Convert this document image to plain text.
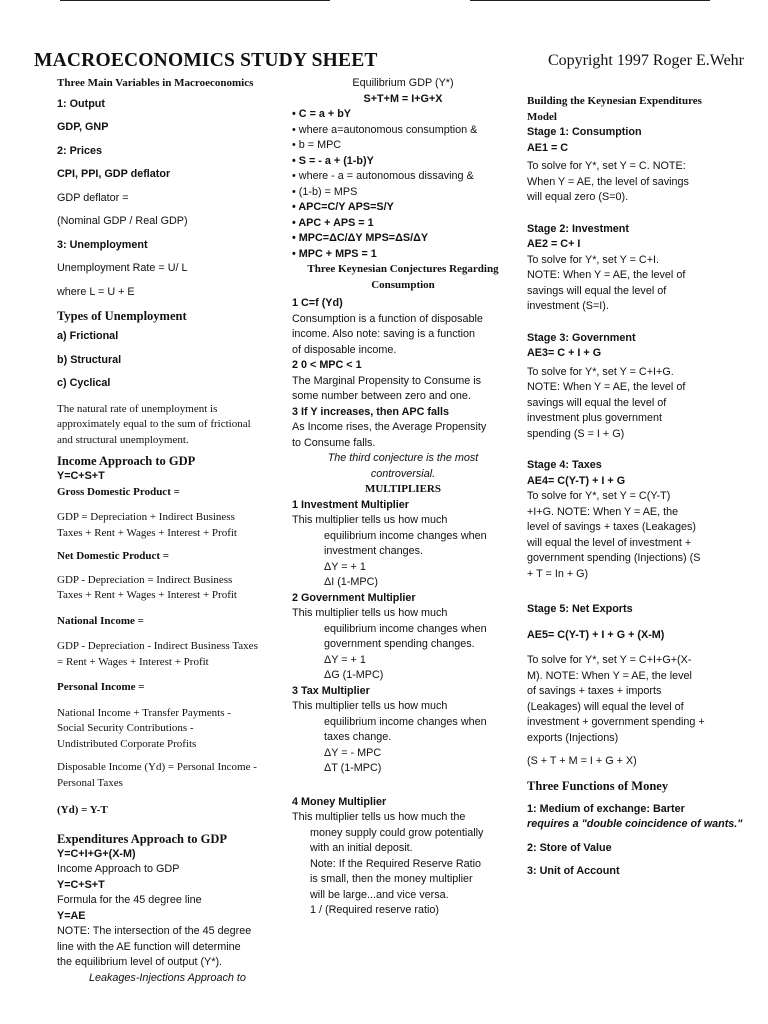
MACROECONOMICS STUDY SHEET	Copyright 1997 Roger E.Wehr
Three Main Variables in Macroeconomics
1: Output
GDP, GNP
2: Prices
CPI, PPI, GDP deflator
GDP deflator =
(Nominal GDP / Real GDP)
3: Unemployment
Unemployment Rate = U/ L
where L = U + E
Types of Unemployment
a) Frictional
b) Structural
c) Cyclical
The natural rate of unemployment is
approximately equal to the sum of frictional
and structural unemployment.
Income Approach to GDP
Y=C+S+T
Gross Domestic Product =
GDP = Depreciation + Indirect Business
Taxes + Rent + Wages + Interest + Profit
Net Domestic Product =
GDP - Depreciation = Indirect Business
Taxes + Rent + Wages + Interest + Profit
National Income =
GDP - Depreciation - Indirect Business Taxes
= Rent + Wages + Interest + Profit
Personal Income =
National Income + Transfer Payments -
Social Security Contributions -
Undistributed Corporate Profits
Disposable Income (Yd) = Personal Income -
Personal Taxes
(Yd) = Y-T
Expenditures Approach to GDP
Y=C+I+G+(X-M)
Income Approach to GDP
Y=C+S+T
Formula for the 45 degree line
Y=AE
NOTE: The intersection of the 45 degree
line with the AE function will determine
the equilibrium level of output (Y*).
Leakages-Injections Approach to
Equilibrium GDP (Y*)
S+T+M = I+G+X
• C = a + bY
• where a=autonomous consumption &
• b = MPC
• S = - a + (1-b)Y
• where - a = autonomous dissaving &
• (1-b) = MPS
• APC=C/Y APS=S/Y
• APC + APS = 1
• MPC=ΔC/ΔY MPS=ΔS/ΔY
• MPC + MPS = 1
Three Keynesian Conjectures Regarding
Consumption
1 C=f (Yd)
Consumption is a function of disposable
income. Also note: saving is a function
of disposable income.
2 0 < MPC < 1
The Marginal Propensity to Consume is
some number between zero and one.
3 If Y increases, then APC falls
As Income rises, the Average Propensity
to Consume falls.
The third conjecture is the most
controversial.
MULTIPLIERS
1 Investment Multiplier
This multiplier tells us how much
equilibrium income changes when
investment changes.
ΔY = + 1
ΔI (1-MPC)
2 Government Multiplier
This multiplier tells us how much
equilibrium income changes when
government spending changes.
ΔY = + 1
ΔG (1-MPC)
3 Tax Multiplier
This multiplier tells us how much
equilibrium income changes when
taxes change.
ΔY = - MPC
ΔT (1-MPC)
4 Money Multiplier
This multiplier tells us how much the
money supply could grow potentially
with an initial deposit.
Note: If the Required Reserve Ratio
is small, then the money multiplier
will be large...and vice versa.
1 / (Required reserve ratio)
Building the Keynesian Expenditures
Model
Stage 1: Consumption
AE1 = C
To solve for Y*, set Y = C. NOTE:
When Y = AE, the level of savings
will equal zero (S=0).
Stage 2: Investment
AE2 = C+ I
To solve for Y*, set Y = C+I.
NOTE: When Y = AE, the level of
savings will equal the level of
investment (S=I).
Stage 3: Government
AE3= C + I + G
To solve for Y*, set Y = C+I+G.
NOTE: When Y = AE, the level of
savings will equal the level of
investment plus government
spending (S = I + G)
Stage 4: Taxes
AE4= C(Y-T) + I + G
To solve for Y*, set Y = C(Y-T)
+I+G. NOTE: When Y = AE, the
level of savings + taxes (Leakages)
will equal the level of investment +
government spending (Injections) (S
+ T = In + G)
Stage 5: Net Exports
AE5= C(Y-T) + I + G + (X-M)
To solve for Y*, set Y = C+I+G+(X-
M). NOTE: When Y = AE, the level
of savings + taxes + imports
(Leakages) will equal the level of
investment + government spending +
exports (Injections)
(S + T + M = I + G + X)
Three Functions of Money
1: Medium of exchange: Barter
requires a "double coincidence of wants."
2: Store of Value
3: Unit of Account
